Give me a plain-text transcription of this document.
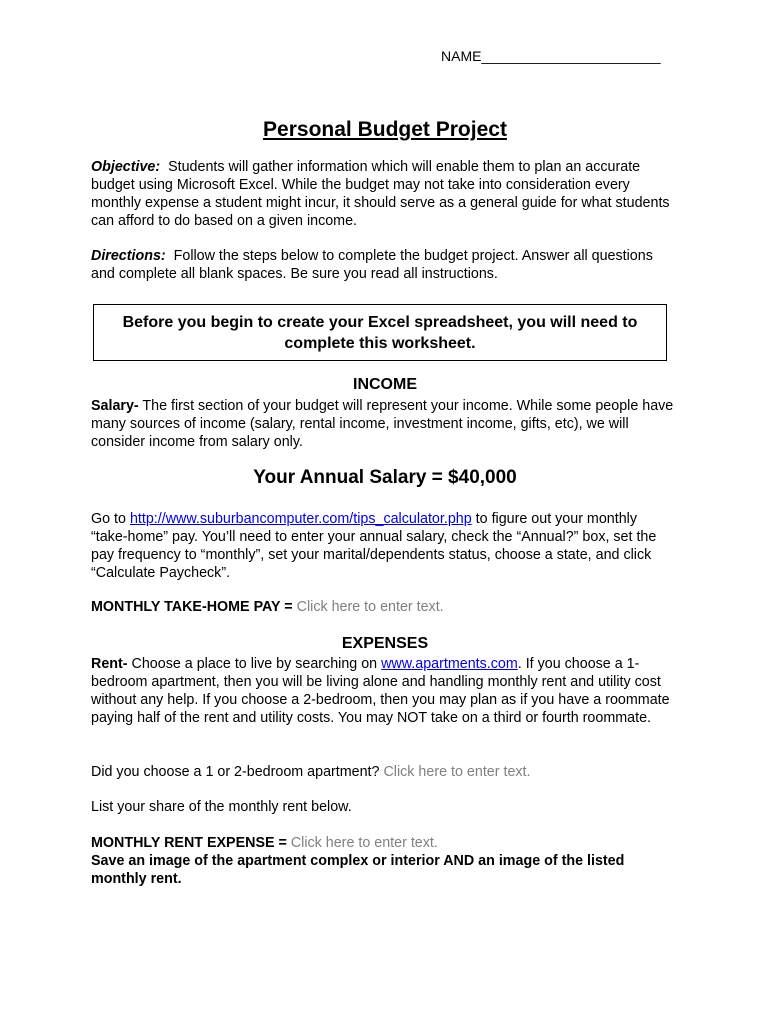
NAME_______________________
Personal Budget Project
Objective: Students will gather information which will enable them to plan an accurate budget using Microsoft Excel. While the budget may not take into consideration every monthly expense a student might incur, it should serve as a general guide for what students can afford to do based on a given income.
Directions: Follow the steps below to complete the budget project. Answer all questions and complete all blank spaces. Be sure you read all instructions.
Before you begin to create your Excel spreadsheet, you will need to complete this worksheet.
INCOME
Salary- The first section of your budget will represent your income. While some people have many sources of income (salary, rental income, investment income, gifts, etc), we will consider income from salary only.
Your Annual Salary = $40,000
Go to http://www.suburbancomputer.com/tips_calculator.php to figure out your monthly “take-home” pay. You’ll need to enter your annual salary, check the “Annual?” box, set the pay frequency to “monthly”, set your marital/dependents status, choose a state, and click “Calculate Paycheck”.
MONTHLY TAKE-HOME PAY = Click here to enter text.
EXPENSES
Rent- Choose a place to live by searching on www.apartments.com. If you choose a 1-bedroom apartment, then you will be living alone and handling monthly rent and utility cost without any help. If you choose a 2-bedroom, then you may plan as if you have a roommate paying half of the rent and utility costs. You may NOT take on a third or fourth roommate.
Did you choose a 1 or 2-bedroom apartment? Click here to enter text.
List your share of the monthly rent below.
MONTHLY RENT EXPENSE = Click here to enter text.
Save an image of the apartment complex or interior AND an image of the listed monthly rent.
